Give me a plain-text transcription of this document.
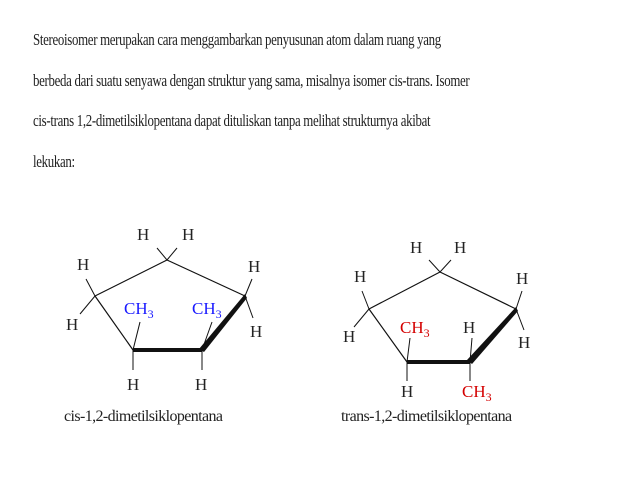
Stereoisomer merupakan cara menggambarkan penyusunan atom dalam ruang yang
berbeda dari suatu senyawa dengan struktur yang sama, misalnya isomer cis-trans. Isomer
cis-trans 1,2-dimetilsiklopentana dapat dituliskan tanpa melihat strukturnya akibat
lekukan:
H H
H
H
H
H
H	H
$CH_3$ $CH_3$
cis-1,2-dimetilsiklopentana
H H
H
H
H
H
H
H
$CH_3$
$CH_3$
trans-1,2-dimetilsiklopentana
